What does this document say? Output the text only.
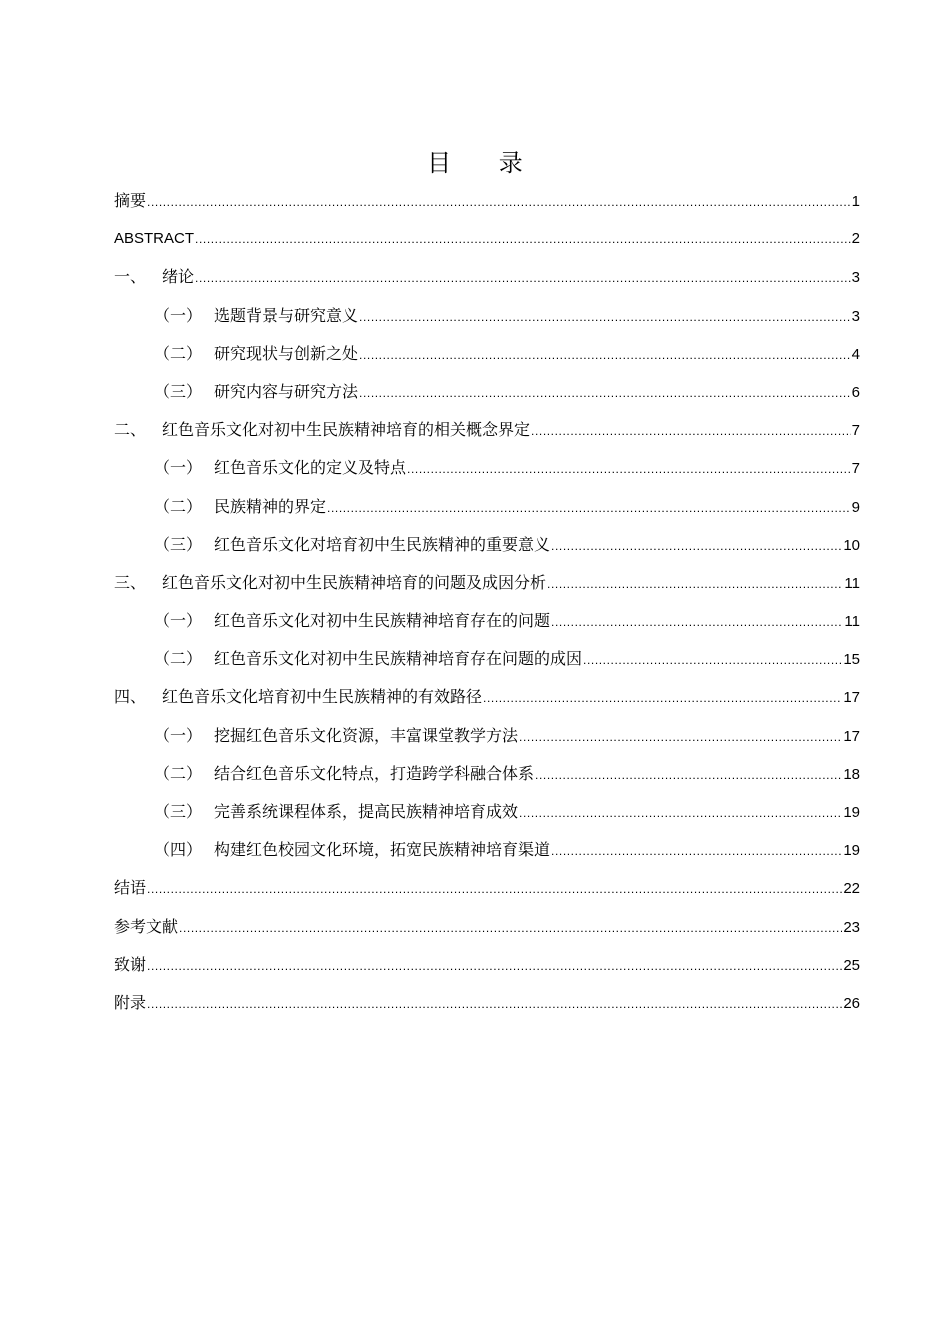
目 录
摘要 .....	1
ABSTRACT .....	2
一、 绪论 .....	3
（一） 选题背景与研究意义 .....	3
（二） 研究现状与创新之处 .....	4
（三） 研究内容与研究方法 .....	6
二、 红色音乐文化对初中生民族精神培育的相关概念界定 .....	7
（一） 红色音乐文化的定义及特点 .....	7
（二） 民族精神的界定 .....	9
（三） 红色音乐文化对培育初中生民族精神的重要意义 .....	10
三、 红色音乐文化对初中生民族精神培育的问题及成因分析 .....	11
（一） 红色音乐文化对初中生民族精神培育存在的问题 .....	11
（二） 红色音乐文化对初中生民族精神培育存在问题的成因 .....	15
四、 红色音乐文化培育初中生民族精神的有效路径 .....	17
（一） 挖掘红色音乐文化资源，丰富课堂教学方法 .....	17
（二） 结合红色音乐文化特点，打造跨学科融合体系 .....	18
（三） 完善系统课程体系，提高民族精神培育成效 .....	19
（四） 构建红色校园文化环境，拓宽民族精神培育渠道 .....	19
结语 .....	22
参考文献 .....	23
致谢 .....	25
附录 .....	26
